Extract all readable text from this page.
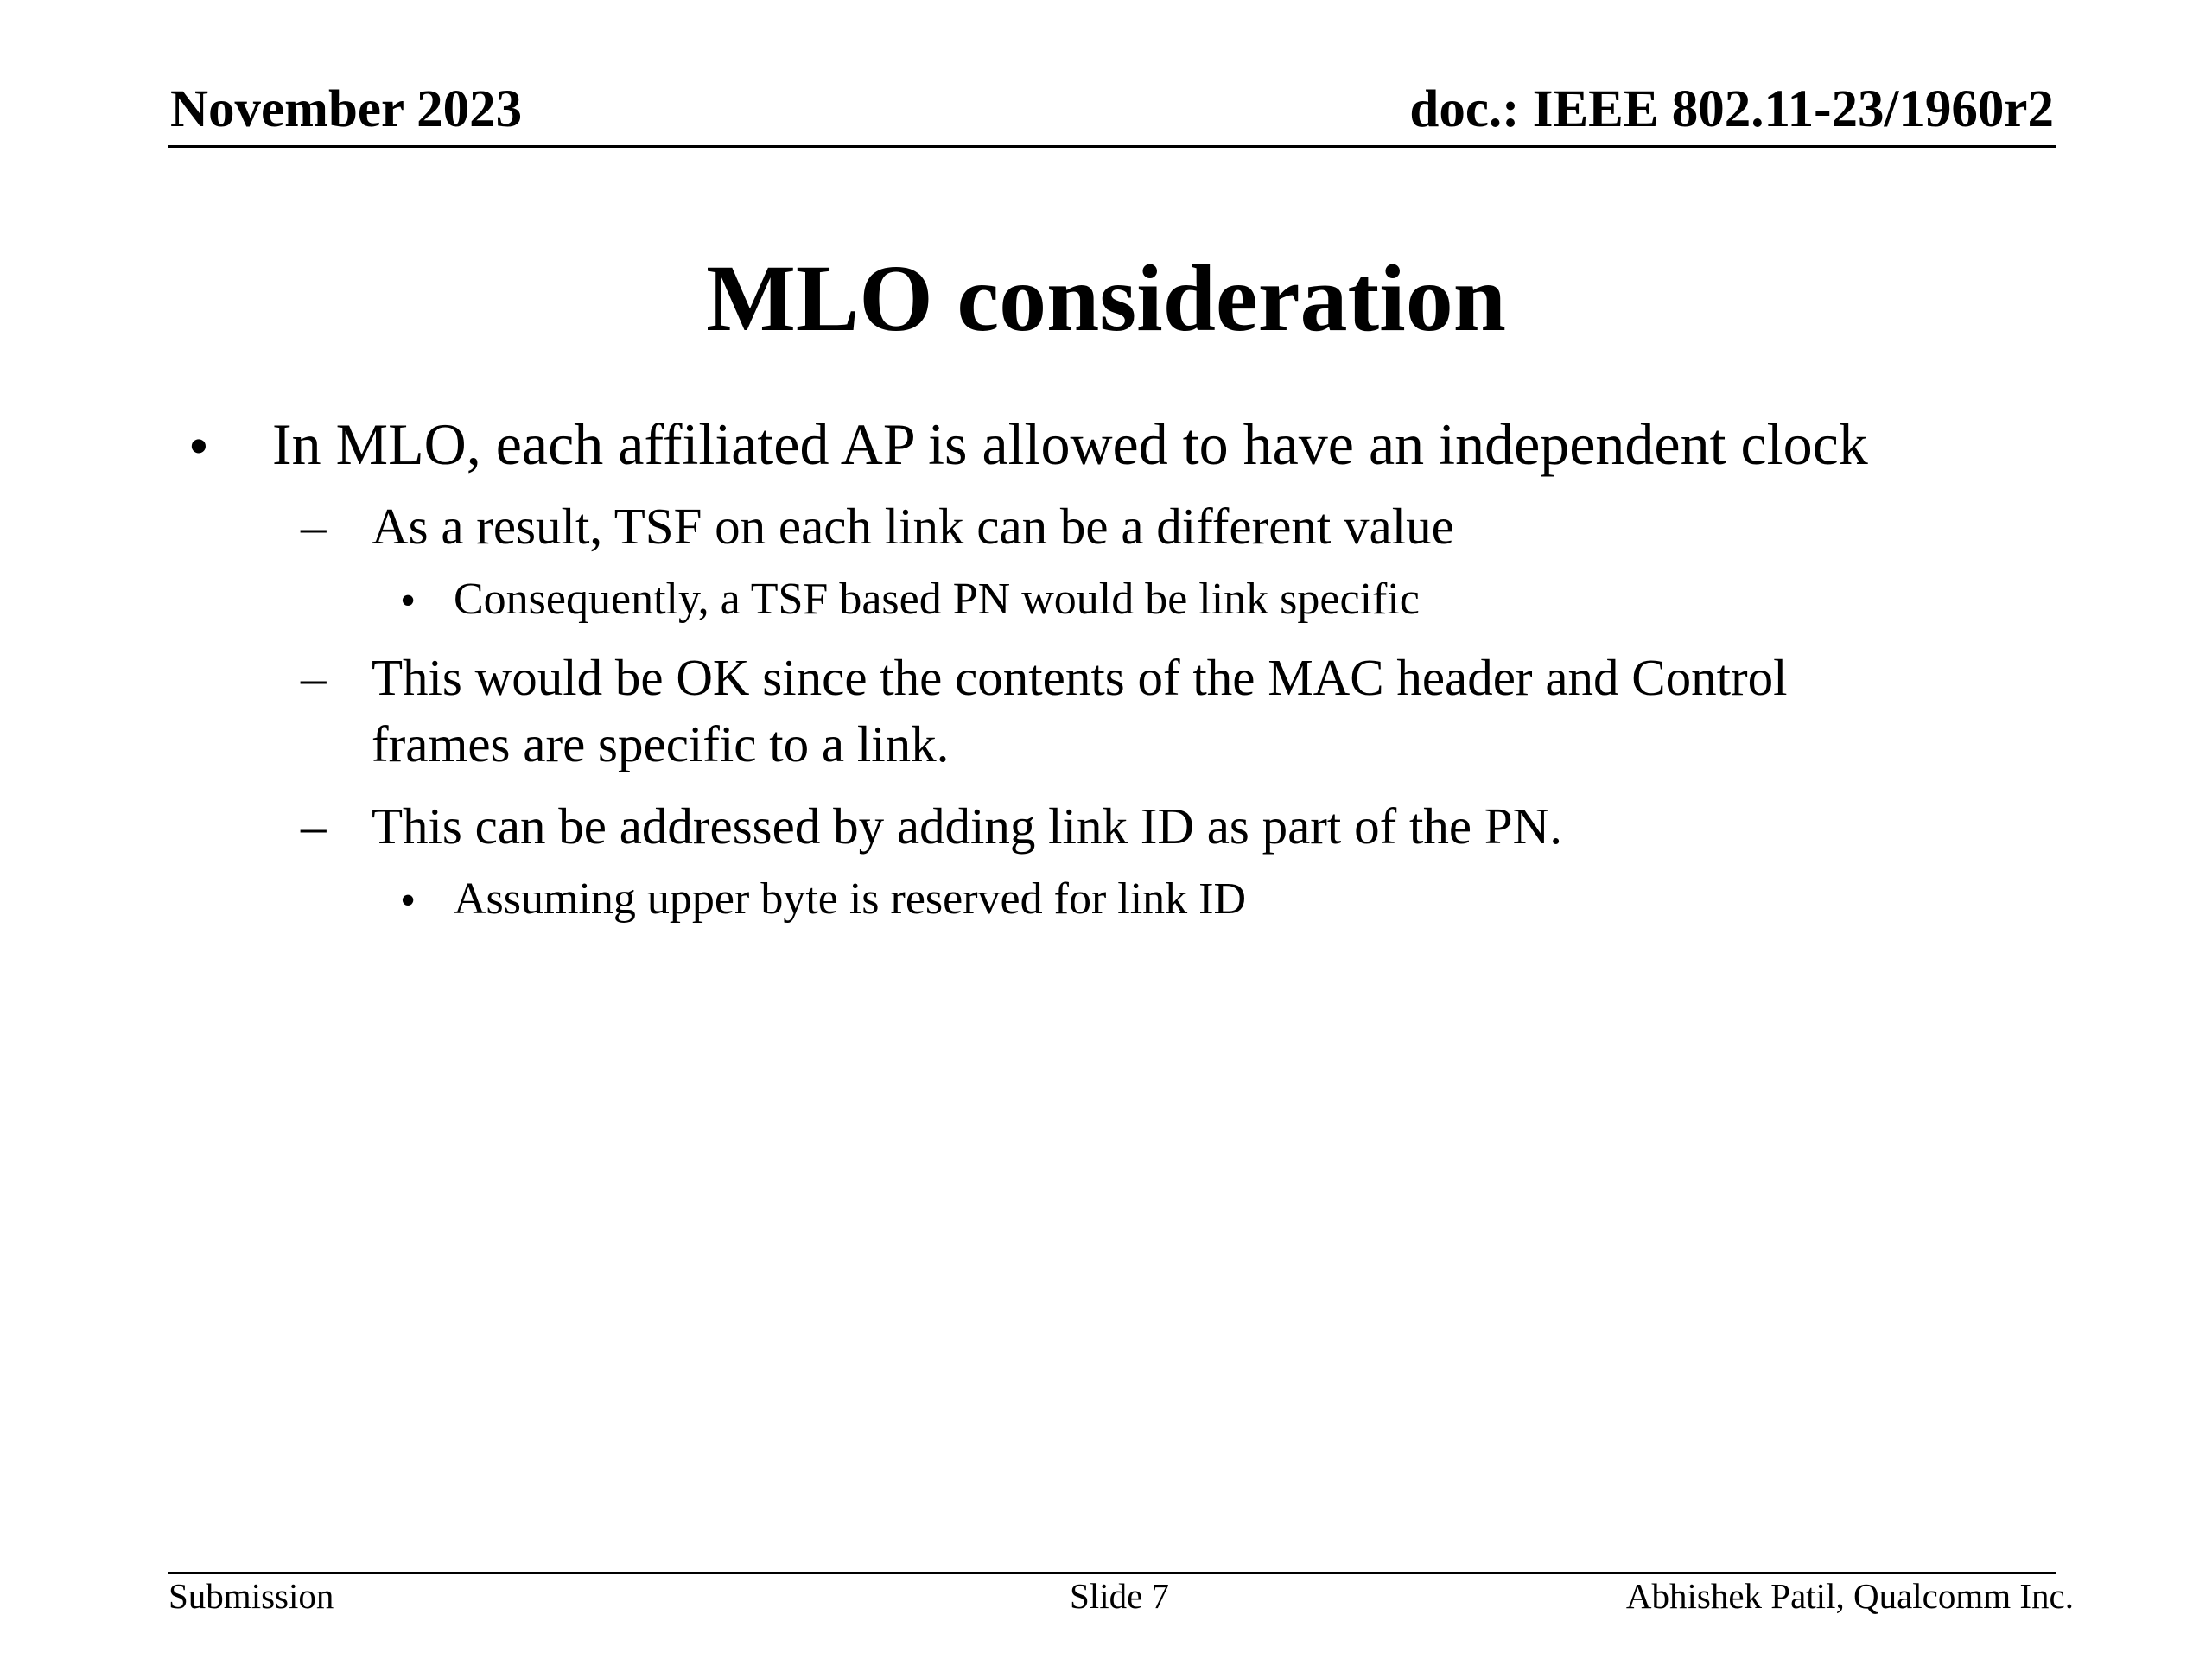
November 2023	doc.: IEEE 802.11-23/1960r2
MLO consideration
• In MLO, each affiliated AP is allowed to have an independent clock
– As a result, TSF on each link can be a different value
• Consequently, a TSF based PN would be link specific
– This would be OK since the contents of the MAC header and Control
frames are specific to a link.
– This can be addressed by adding link ID as part of the PN.
• Assuming upper byte is reserved for link ID
Submission	Slide 7	Abhishek Patil, Qualcomm Inc.
